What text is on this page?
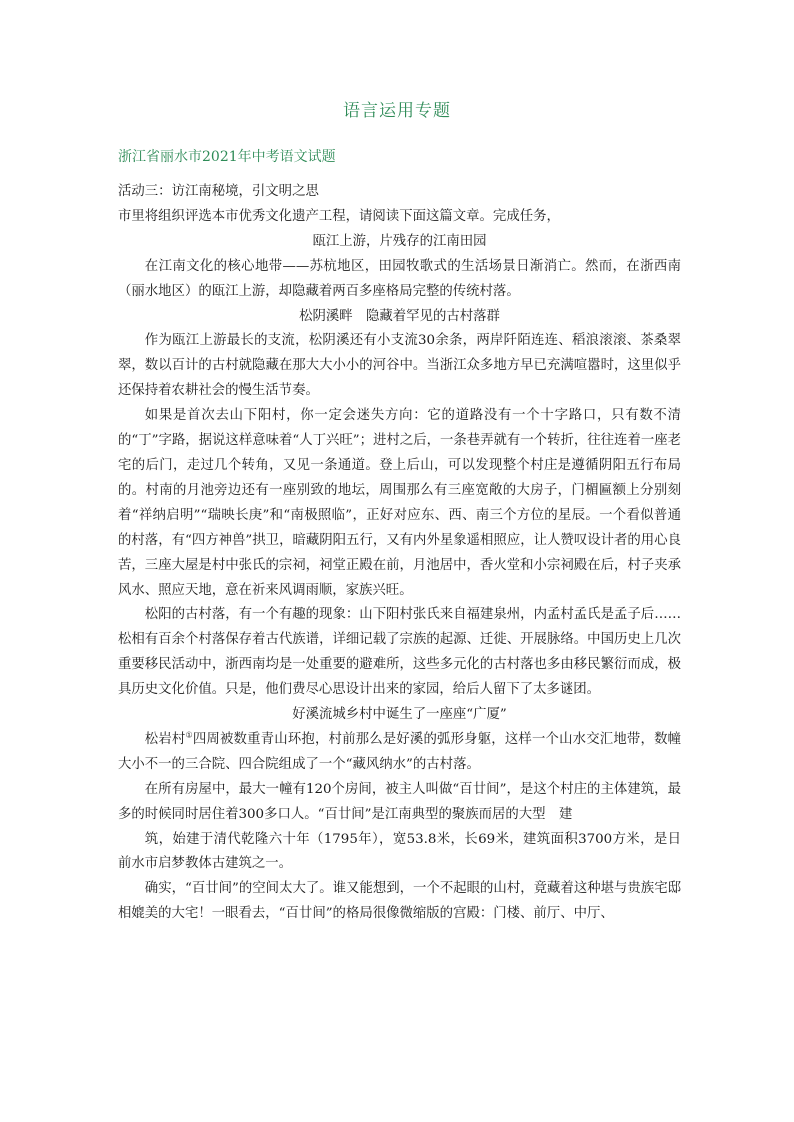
语言运用专题
浙江省丽水市2021年中考语文试题

活动三：访江南秘境，引文明之思

市里将组织评选本市优秀文化遗产工程，请阅读下面这篇文章。完成任务，

瓯江上游，片残存的江南田园

在江南文化的核心地带——苏杭地区，田园牧歌式的生活场景日渐消亡。然而，在浙西南（丽水地区）的瓯江上游，却隐藏着两百多座格局完整的传统村落。

松阴溪畔　隐藏着罕见的古村落群

作为瓯江上游最长的支流，松阴溪还有小支流30余条，两岸阡陌连连、稻浪滚滚、茶桑翠翠，数以百计的古村就隐藏在那大大小小的河谷中。当浙江众多地方早已充满喧嚣时，这里似乎还保持着农耕社会的慢生活节奏。

如果是首次去山下阳村，你一定会迷失方向：它的道路没有一个十字路口，只有数不清的“丁”字路，据说这样意味着“人丁兴旺”；进村之后，一条巷弄就有一个转折，往往连着一座老宅的后门，走过几个转角，又见一条通道。登上后山，可以发现整个村庄是遵循阴阳五行布局的。村南的月池旁边还有一座别致的地坛，周围那么有三座宽敞的大房子，门楣匾额上分别刻着“祥纳启明”“瑞映长庚”和“南极照临”，正好对应东、西、南三个方位的星辰。一个看似普通的村落，有“四方神兽”拱卫，暗藏阴阳五行，又有内外星象遥相照应，让人赞叹设计者的用心良苦，三座大屋是村中张氏的宗祠，祠堂正殿在前，月池居中，香火堂和小宗祠殿在后，村子夹承风水、照应天地，意在祈来风调雨顺，家族兴旺。

松阳的古村落，有一个有趣的现象：山下阳村张氏来自福建泉州，内孟村孟氏是孟子后……松相有百余个村落保存着古代族谱，详细记载了宗族的起源、迁徙、开展脉络。中国历史上几次重要移民活动中，浙西南均是一处重要的避难所，这些多元化的古村落也多由移民繁衍而成，极具历史文化价值。只是，他们费尽心思设计出来的家园，给后人留下了太多谜团。

好溪流城乡村中诞生了一座座“广厦”

松岩村①四周被数重青山环抱，村前那么是好溪的弧形身躯，这样一个山水交汇地带，数幢大小不一的三合院、四合院组成了一个“藏风纳水”的古村落。

在所有房屋中，最大一幢有120个房间，被主人叫做“百廿间”，是这个村庄的主体建筑，最多的时候同时居住着300多口人。“百廿间”是江南典型的聚族而居的大型　建

筑，始建于清代乾隆六十年（1795年），宽53.8米，长69米，建筑面积3700方米，是日前水市启梦教体古建筑之一。

确实，“百廿间”的空间太大了。谁又能想到，一个不起眼的山村，竟藏着这种堪与贵族宅邸相媲美的大宅！一眼看去，“百廿间”的格局很像微缩版的宫殿：门楼、前厅、中厅、
